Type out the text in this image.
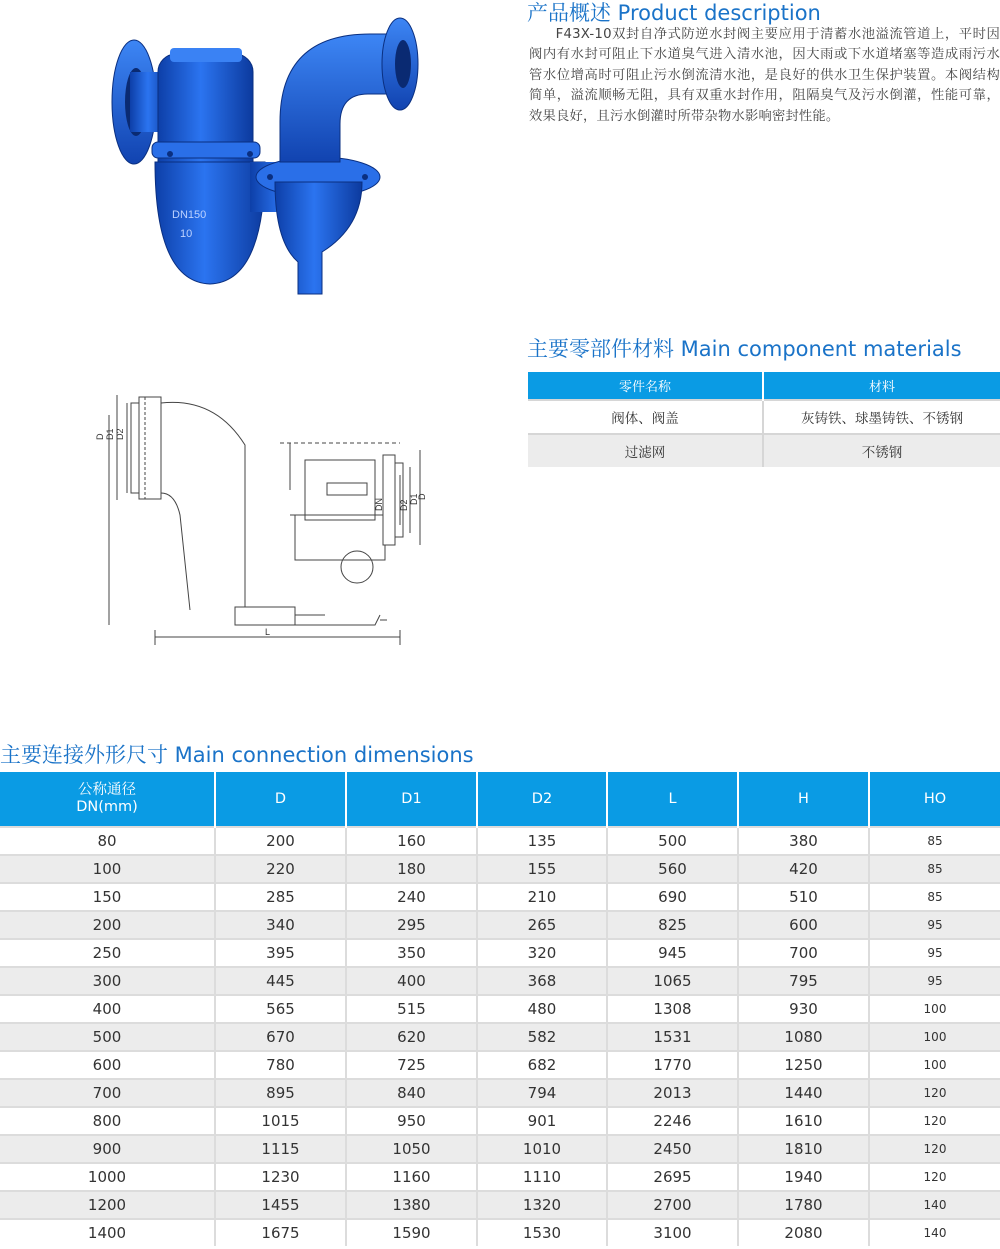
DN150
10
产品概述 Product description
F43X-10双封自净式防逆水封阀主要应用于清蓄水池溢流管道上，平时因阀内有水封可阻止下水道臭气进入清水池，因大雨或下水道堵塞等造成雨污水管水位增高时可阻止污水倒流清水池，是良好的供水卫生保护装置。本阀结构简单，溢流顺畅无阻，具有双重水封作用，阻隔臭气及污水倒灌，性能可靠，效果良好，且污水倒灌时所带杂物水影响密封性能。
主要零部件材料 Main component materials
零件名称	材料
阀体、阀盖	灰铸铁、球墨铸铁、不锈钢
过滤网	不锈钢
D D1 D2
DN D2
D1
D
L
主要连接外形尺寸 Main connection dimensions
公称通径
DN(mm)	D	D1	D2	L	H	HO
80	200	160	135	500	380	85
100	220	180	155	560	420	85
150	285	240	210	690	510	85
200	340	295	265	825	600	95
250	395	350	320	945	700	95
300	445	400	368	1065	795	95
400	565	515	480	1308	930	100
500	670	620	582	1531	1080	100
600	780	725	682	1770	1250	100
700	895	840	794	2013	1440	120
800	1015	950	901	2246	1610	120
900	1115	1050	1010	2450	1810	120
1000	1230	1160	1110	2695	1940	120
1200	1455	1380	1320	2700	1780	140
1400	1675	1590	1530	3100	2080	140
